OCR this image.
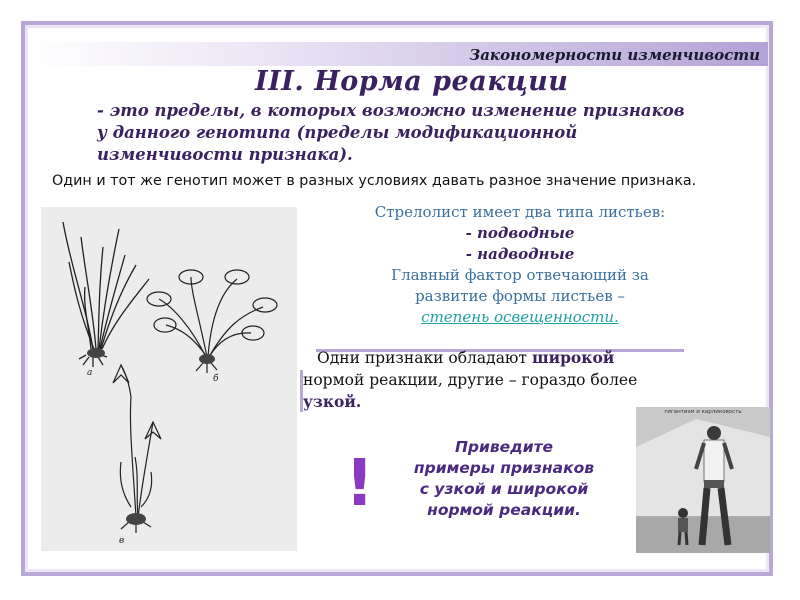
Закономерности изменчивости
III. Норма реакции
- это пределы, в которых возможно изменение признаков
у данного генотипа (пределы модификационной
изменчивости признака).
Один и тот же генотип может в разных условиях давать разное значение признака.
а
б
в
Стрелолист имеет два типа листьев:
- подводные
- надводные
Главный фактор отвечающий за
развитие формы листьев –
степень освещенности.
Одни признаки обладают широкой
нормой реакции, другие – гораздо более
узкой.
!	Приведите
примеры признаков
с узкой и широкой
нормой реакции.
гигантизм и карликовость
